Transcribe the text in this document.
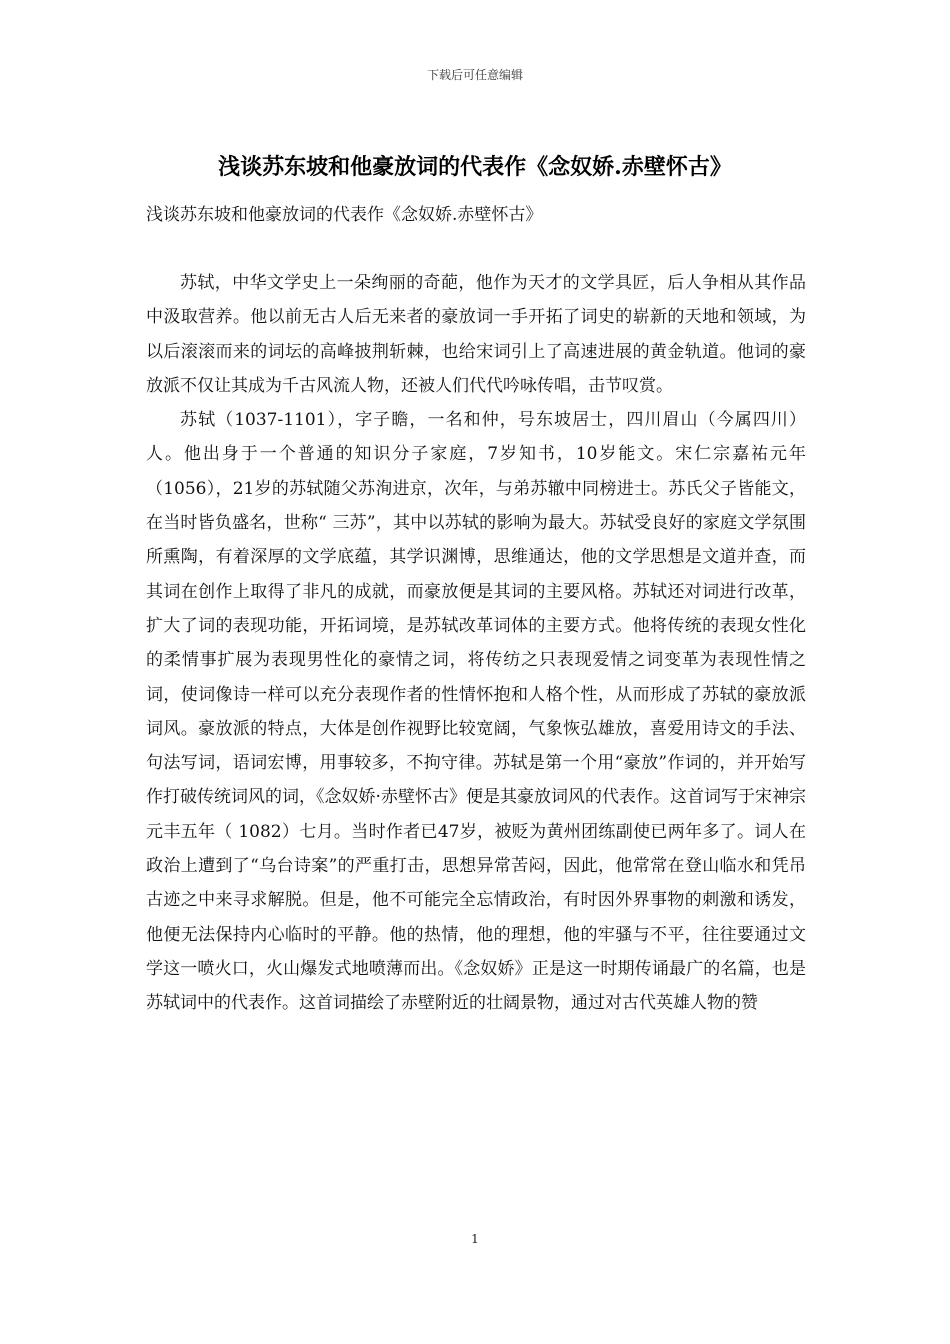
下载后可任意编辑
浅谈苏东坡和他豪放词的代表作《念奴娇.赤壁怀古》
浅谈苏东坡和他豪放词的代表作《念奴娇.赤壁怀古》

苏轼，中华文学史上一朵绚丽的奇葩，他作为天才的文学具匠，后人争相从其作品中汲取营养。他以前无古人后无来者的豪放词一手开拓了词史的崭新的天地和领域，为以后滚滚而来的词坛的高峰披荆斩棘，也给宋词引上了高速进展的黄金轨道。他词的豪放派不仅让其成为千古风流人物，还被人们代代吟咏传唱，击节叹赏。

苏轼（1037-1101），字子瞻，一名和仲，号东坡居士，四川眉山（今属四川）人。他出身于一个普通的知识分子家庭，7岁知书，10岁能文。宋仁宗嘉祐元年（1056），21岁的苏轼随父苏洵进京，次年，与弟苏辙中同榜进士。苏氏父子皆能文，在当时皆负盛名，世称“ 三苏”，其中以苏轼的影响为最大。苏轼受良好的家庭文学氛围所熏陶，有着深厚的文学底蕴，其学识渊博，思维通达，他的文学思想是文道并查，而其词在创作上取得了非凡的成就，而豪放便是其词的主要风格。苏轼还对词进行改革，扩大了词的表现功能，开拓词境，是苏轼改革词体的主要方式。他将传统的表现女性化的柔情事扩展为表现男性化的豪情之词，将传纺之只表现爱情之词变革为表现性情之词，使词像诗一样可以充分表现作者的性情怀抱和人格个性，从而形成了苏轼的豪放派词风。豪放派的特点，大体是创作视野比较宽阔，气象恢弘雄放，喜爱用诗文的手法、句法写词，语词宏博，用事较多，不拘守律。苏轼是第一个用“豪放”作词的，并开始写作打破传统词风的词，《念奴娇·赤壁怀古》便是其豪放词风的代表作。这首词写于宋神宗元丰五年（ 1082）七月。当时作者已47岁，被贬为黄州团练副使已两年多了。词人在政治上遭到了“乌台诗案”的严重打击，思想异常苦闷，因此，他常常在登山临水和凭吊古迹之中来寻求解脱。但是，他不可能完全忘情政治，有时因外界事物的刺激和诱发，他便无法保持内心临时的平静。他的热情，他的理想，他的牢骚与不平，往往要通过文学这一喷火口，火山爆发式地喷薄而出。《念奴娇》正是这一时期传诵最广的名篇，也是苏轼词中的代表作。这首词描绘了赤壁附近的壮阔景物，通过对古代英雄人物的赞

1
